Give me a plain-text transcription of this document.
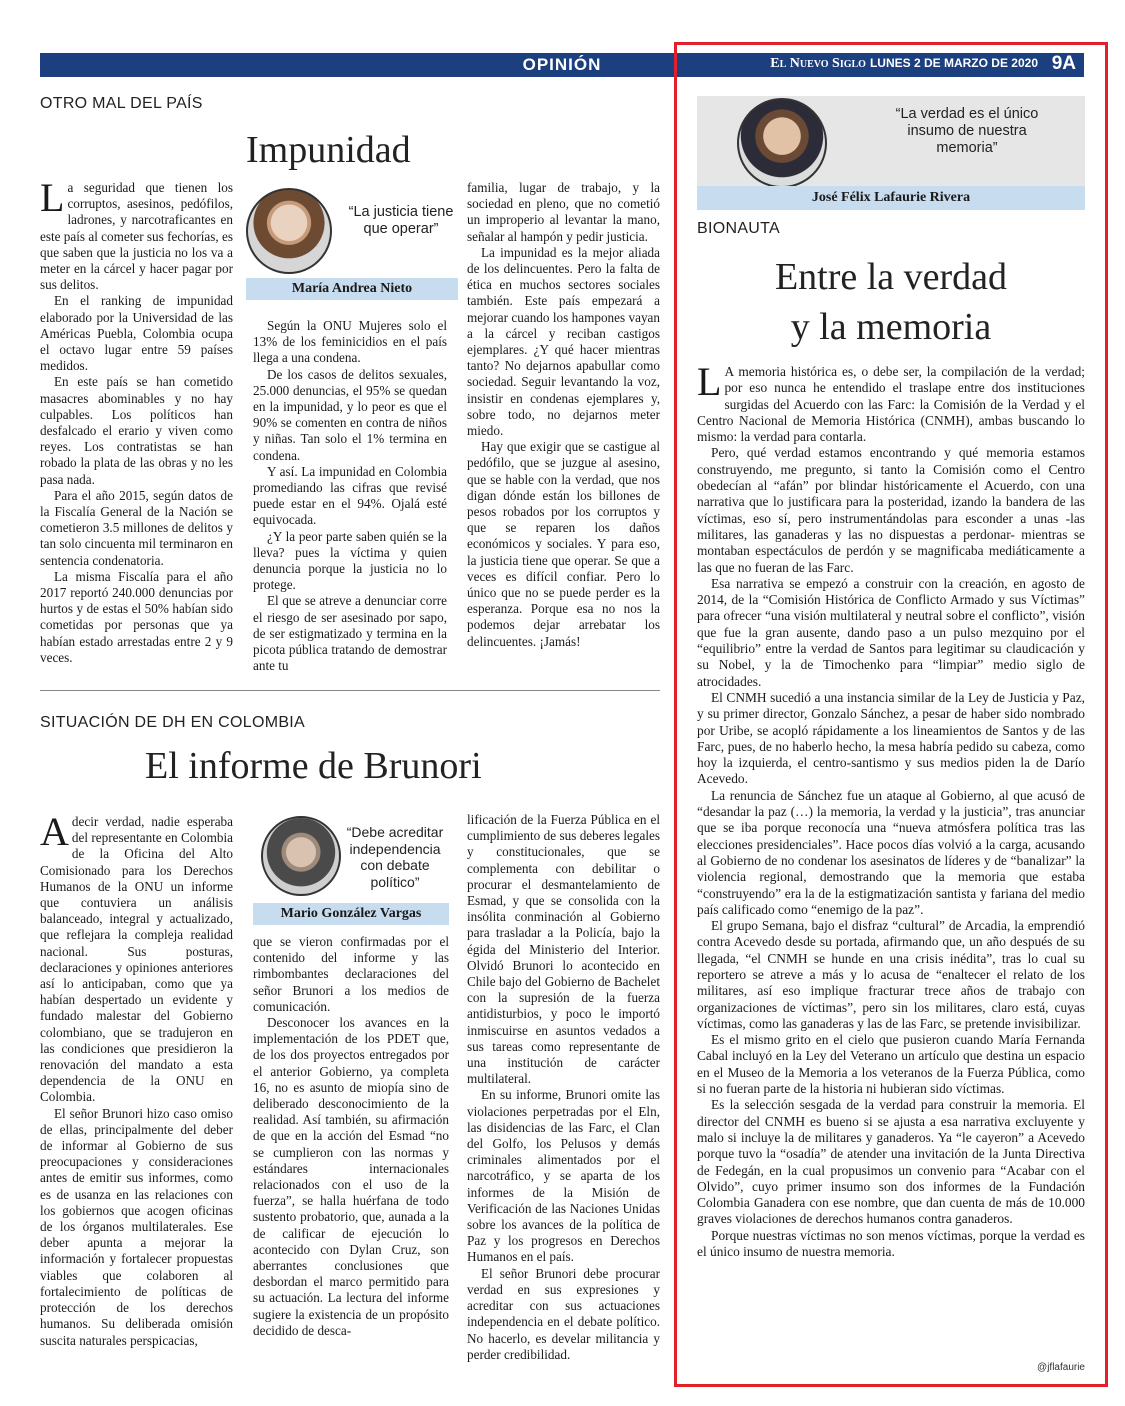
OPINIÓN	El Nuevo Siglo LUNES 2 DE MARZO DE 2020 9A
OTRO MAL DEL PAÍS
Impunidad
“La justicia tiene que operar”
María Andrea Nieto

La seguridad que tienen los corruptos, asesinos, pedófilos, ladrones, y narcotraficantes en este país al cometer sus fechorías, es que saben que la justicia no los va a meter en la cárcel y hacer pagar por sus delitos.

En el ranking de impunidad elaborado por la Universidad de las Américas Puebla, Colombia ocupa el octavo lugar entre 59 países medidos.

En este país se han cometido masacres abominables y no hay culpables. Los políticos han desfalcado el erario y viven como reyes. Los contratistas se han robado la plata de las obras y no les pasa nada.

Para el año 2015, según datos de la Fiscalía General de la Nación se cometieron 3.5 millones de delitos y tan solo cincuenta mil terminaron en sentencia condenatoria.

La misma Fiscalía para el año 2017 reportó 240.000 denuncias por hurtos y de estas el 50% habían sido cometidas por personas que ya habían estado arrestadas entre 2 y 9 veces.

Según la ONU Mujeres solo el 13% de los feminicidios en el país llega a una condena.

De los casos de delitos sexuales, 25.000 denuncias, el 95% se quedan en la impunidad, y lo peor es que el 90% se comenten en contra de niños y niñas. Tan solo el 1% termina en condena.

Y así. La impunidad en Colombia promediando las cifras que revisé puede estar en el 94%. Ojalá esté equivocada.

¿Y la peor parte saben quién se la lleva? pues la víctima y quien denuncia porque la justicia no lo protege.

El que se atreve a denunciar corre el riesgo de ser asesinado por sapo, de ser estigmatizado y termina en la picota pública tratando de demostrar ante tu

familia, lugar de trabajo, y la sociedad en pleno, que no cometió un improperio al levantar la mano, señalar al hampón y pedir justicia.

La impunidad es la mejor aliada de los delincuentes. Pero la falta de ética en muchos sectores sociales también. Este país empezará a mejorar cuando los hampones vayan a la cárcel y reciban castigos ejemplares. ¿Y qué hacer mientras tanto? No dejarnos apabullar como sociedad. Seguir levantando la voz, insistir en condenas ejemplares y, sobre todo, no dejarnos meter miedo.

Hay que exigir que se castigue al pedófilo, que se juzgue al asesino, que se hable con la verdad, que nos digan dónde están los billones de pesos robados por los corruptos y que se reparen los daños económicos y sociales. Y para eso, la justicia tiene que operar. Se que a veces es difícil confiar. Pero lo único que no se puede perder es la esperanza. Porque esa no nos la podemos dejar arrebatar los delincuentes. ¡Jamás!

SITUACIÓN DE DH EN COLOMBIA
El informe de Brunori
“Debe acreditar independencia con debate político”
Mario González Vargas

A decir verdad, nadie esperaba del representante en Colombia de la Oficina del Alto Comisionado para los Derechos Humanos de la ONU un informe que contuviera un análisis balanceado, integral y actualizado, que reflejara la compleja realidad nacional. Sus posturas, declaraciones y opiniones anteriores así lo anticipaban, como que ya habían despertado un evidente y fundado malestar del Gobierno colombiano, que se tradujeron en las condiciones que presidieron la renovación del mandato a esta dependencia de la ONU en Colombia.

El señor Brunori hizo caso omiso de ellas, principalmente del deber de informar al Gobierno de sus preocupaciones y consideraciones antes de emitir sus informes, como es de usanza en las relaciones con los gobiernos que acogen oficinas de los órganos multilaterales. Ese deber apunta a mejorar la información y fortalecer propuestas viables que colaboren al fortalecimiento de políticas de protección de los derechos humanos. Su deliberada omisión suscita naturales perspicacias,

que se vieron confirmadas por el contenido del informe y las rimbombantes declaraciones del señor Brunori a los medios de comunicación.

Desconocer los avances en la implementación de los PDET que, de los dos proyectos entregados por el anterior Gobierno, ya completa 16, no es asunto de miopía sino de deliberado desconocimiento de la realidad. Así también, su afirmación de que en la acción del Esmad “no se cumplieron con las normas y estándares internacionales relacionados con el uso de la fuerza”, se halla huérfana de todo sustento probatorio, que, aunada a la de calificar de ejecución lo acontecido con Dylan Cruz, son aberrantes conclusiones que desbordan el marco permitido para su actuación. La lectura del informe sugiere la existencia de un propósito decidido de desca-

lificación de la Fuerza Pública en el cumplimiento de sus deberes legales y constitucionales, que se complementa con debilitar o procurar el desmantelamiento de Esmad, y que se consolida con la insólita conminación al Gobierno para trasladar a la Policía, bajo la égida del Ministerio del Interior. Olvidó Brunori lo acontecido en Chile bajo del Gobierno de Bachelet con la supresión de la fuerza antidisturbios, y poco le importó inmiscuirse en asuntos vedados a sus tareas como representante de una institución de carácter multilateral.

En su informe, Brunori omite las violaciones perpetradas por el Eln, las disidencias de las Farc, el Clan del Golfo, los Pelusos y demás criminales alimentados por el narcotráfico, y se aparta de los informes de la Misión de Verificación de las Naciones Unidas sobre los avances de la política de Paz y los progresos en Derechos Humanos en el país.

El señor Brunori debe procurar verdad en sus expresiones y acreditar con sus actuaciones independencia en el debate político. No hacerlo, es develar militancia y perder credibilidad.

“La verdad es el único insumo de nuestra memoria”
José Félix Lafaurie Rivera
BIONAUTA
Entre la verdad
y la memoria

L A memoria histórica es, o debe ser, la compilación de la verdad; por eso nunca he entendido el traslape entre dos instituciones surgidas del Acuerdo con las Farc: la Comisión de la Verdad y el Centro Nacional de Memoria Histórica (CNMH), ambas buscando lo mismo: la verdad para contarla.

Pero, qué verdad estamos encontrando y qué memoria estamos construyendo, me pregunto, si tanto la Comisión como el Centro obedecían al “afán” por blindar históricamente el Acuerdo, con una narrativa que lo justificara para la posteridad, izando la bandera de las víctimas, eso sí, pero instrumentándolas para esconder a unas -las militares, las ganaderas y las no dispuestas a perdonar- mientras se montaban espectáculos de perdón y se magnificaba mediáticamente a las que no fueran de las Farc.

Esa narrativa se empezó a construir con la creación, en agosto de 2014, de la “Comisión Histórica de Conflicto Armado y sus Víctimas” para ofrecer “una visión multilateral y neutral sobre el conflicto”, visión que fue la gran ausente, dando paso a un pulso mezquino por el “equilibrio” entre la verdad de Santos para legitimar su claudicación y su Nobel, y la de Timochenko para “limpiar” medio siglo de atrocidades.

El CNMH sucedió a una instancia similar de la Ley de Justicia y Paz, y su primer director, Gonzalo Sánchez, a pesar de haber sido nombrado por Uribe, se acopló rápidamente a los lineamientos de Santos y de las Farc, pues, de no haberlo hecho, la mesa habría pedido su cabeza, como hoy la izquierda, el centro-santismo y sus medios piden la de Darío Acevedo.

La renuncia de Sánchez fue un ataque al Gobierno, al que acusó de “desandar la paz (…) la memoria, la verdad y la justicia”, tras anunciar que se iba porque reconocía una “nueva atmósfera política tras las elecciones presidenciales”. Hace pocos días volvió a la carga, acusando al Gobierno de no condenar los asesinatos de líderes y de “banalizar” la violencia regional, demostrando que la memoria que estaba “construyendo” era la de la estigmatización santista y fariana del medio país calificado como “enemigo de la paz”.

El grupo Semana, bajo el disfraz “cultural” de Arcadia, la emprendió contra Acevedo desde su portada, afirmando que, un año después de su llegada, “el CNMH se hunde en una crisis inédita”, tras lo cual su reportero se atreve a más y lo acusa de “enaltecer el relato de los militares, así eso implique fracturar trece años de trabajo con organizaciones de víctimas”, pero sin los militares, claro está, cuyas víctimas, como las ganaderas y las de las Farc, se pretende invisibilizar.

Es el mismo grito en el cielo que pusieron cuando María Fernanda Cabal incluyó en la Ley del Veterano un artículo que destina un espacio en el Museo de la Memoria a los veteranos de la Fuerza Pública, como si no fueran parte de la historia ni hubieran sido víctimas.

Es la selección sesgada de la verdad para construir la memoria. El director del CNMH es bueno si se ajusta a esa narrativa excluyente y malo si incluye la de militares y ganaderos. Ya “le cayeron” a Acevedo porque tuvo la “osadía” de atender una invitación de la Junta Directiva de Fedegán, en la cual propusimos un convenio para “Acabar con el Olvido”, cuyo primer insumo son dos informes de la Fundación Colombia Ganadera con ese nombre, que dan cuenta de más de 10.000 graves violaciones de derechos humanos contra ganaderos.

Porque nuestras víctimas no son menos víctimas, porque la verdad es el único insumo de nuestra memoria.

@jflafaurie
